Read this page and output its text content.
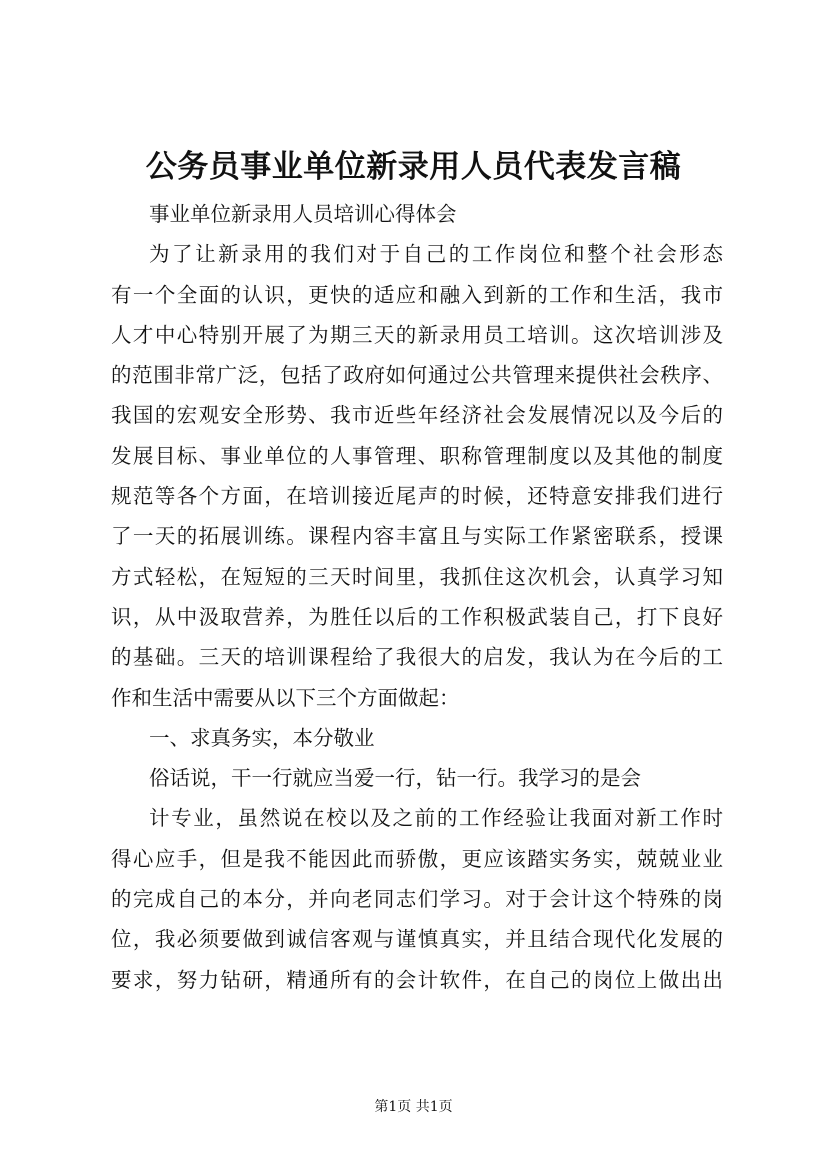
公务员事业单位新录用人员代表发言稿
事业单位新录用人员培训心得体会
为了让新录用的我们对于自己的工作岗位和整个社会形态
有一个全面的认识，更快的适应和融入到新的工作和生活，我市
人才中心特别开展了为期三天的新录用员工培训。这次培训涉及
的范围非常广泛，包括了政府如何通过公共管理来提供社会秩序、
我国的宏观安全形势、我市近些年经济社会发展情况以及今后的
发展目标、事业单位的人事管理、职称管理制度以及其他的制度
规范等各个方面，在培训接近尾声的时候，还特意安排我们进行
了一天的拓展训练。课程内容丰富且与实际工作紧密联系，授课
方式轻松，在短短的三天时间里，我抓住这次机会，认真学习知
识，从中汲取营养，为胜任以后的工作积极武装自己，打下良好
的基础。三天的培训课程给了我很大的启发，我认为在今后的工
作和生活中需要从以下三个方面做起：
一、求真务实，本分敬业
俗话说，干一行就应当爱一行，钻一行。我学习的是会
计专业，虽然说在校以及之前的工作经验让我面对新工作时
得心应手，但是我不能因此而骄傲，更应该踏实务实，兢兢业业
的完成自己的本分，并向老同志们学习。对于会计这个特殊的岗
位，我必须要做到诚信客观与谨慎真实，并且结合现代化发展的
要求，努力钻研，精通所有的会计软件，在自己的岗位上做出出
第1页 共1页
